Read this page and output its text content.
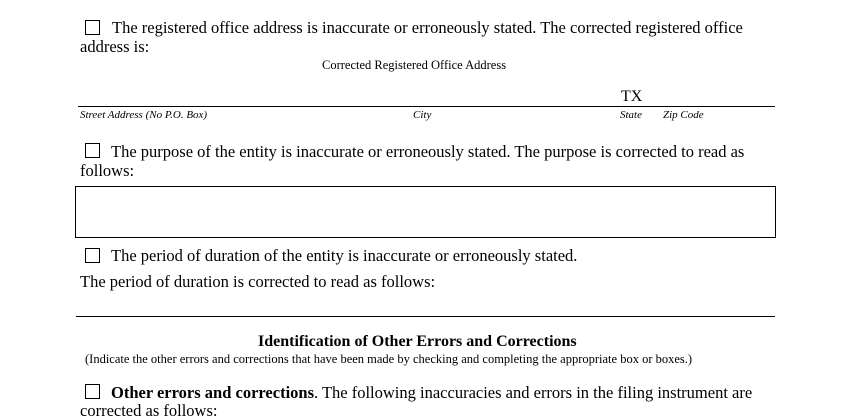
The registered office address is inaccurate or erroneously stated. The corrected registered office
address is:
Corrected Registered Office Address
TX
Street Address (No P.O. Box)	City	State Zip Code
The purpose of the entity is inaccurate or erroneously stated. The purpose is corrected to read as
follows:
The period of duration of the entity is inaccurate or erroneously stated.
The period of duration is corrected to read as follows:
Identification of Other Errors and Corrections
(Indicate the other errors and corrections that have been made by checking and completing the appropriate box or boxes.)
Other errors and corrections. The following inaccuracies and errors in the filing instrument are
corrected as follows:
